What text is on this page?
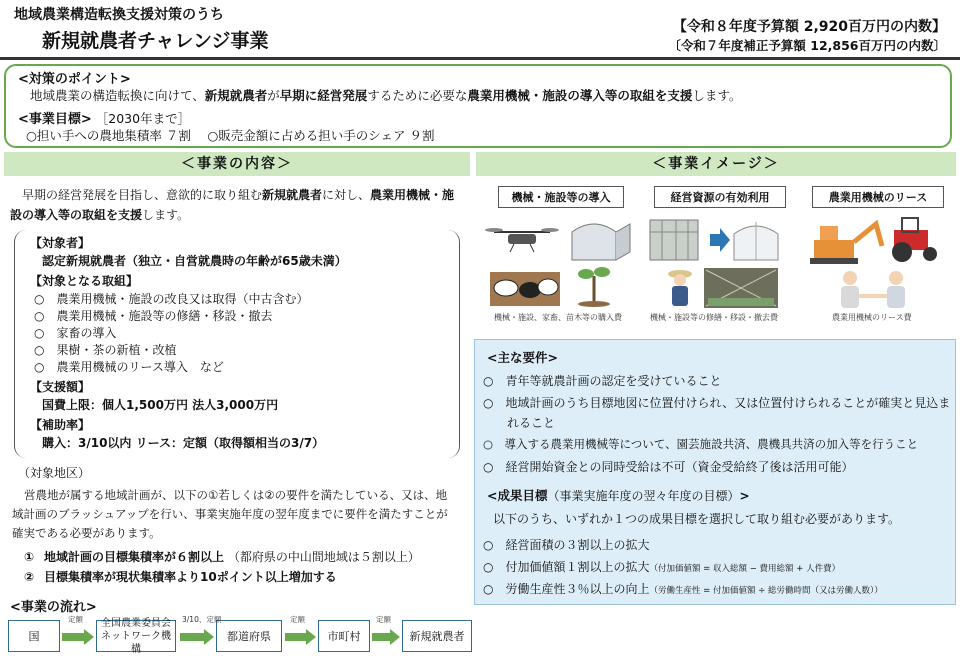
地域農業構造転換支援対策のうち
新規就農者チャレンジ事業
【令和８年度予算額 2,920百万円の内数】
〔令和７年度補正予算額 12,856百万円の内数〕
<対策のポイント>
地域農業の構造転換に向けて、新規就農者が早期に経営発展するために必要な農業用機械・施設の導入等の取組を支援します。
<事業目標> ［2030年まで］
○担い手への農地集積率 ７割　 ○販売金額に占める担い手のシェア ９割
＜事業の内容＞	＜事業イメージ＞
早期の経営発展を目指し、意欲的に取り組む新規就農者に対し、農業用機械・施
設の導入等の取組を支援します。
【対象者】
認定新規就農者（独立・自営就農時の年齢が65歳未満）
【対象となる取組】
○　農業用機械・施設の改良又は取得（中古含む）
○　農業用機械・施設等の修繕・移設・撤去
○　家畜の導入
○　果樹・茶の新植・改植
○　農業用機械のリース導入　など
【支援額】
国費上限：個人1,500万円 法人3,000万円
【補助率】
購入：3/10以内 リース：定額（取得額相当の3/7）
（対象地区）
営農地が属する地域計画が、以下の①若しくは②の要件を満たしている、又は、地
域計画のブラッシュアップを行い、事業実施年度の翌年度までに要件を満たすことが
確実である必要があります。
① 地域計画の目標集積率が６割以上 （都府県の中山間地域は５割以上）
② 目標集積率が現状集積率より10ポイント以上増加する
機械・施設等の導入	経営資源の有効利用	農業用機械のリース
機械・施設、家畜、苗木等の購入費	機械・施設等の修繕・移設・撤去費	農業用機械のリース費
<主な要件>
○　青年等就農計画の認定を受けていること
○　地域計画のうち目標地図に位置付けられ、又は位置付けられることが確実と見込ま
　　れること
○　導入する農業用機械等について、園芸施設共済、農機具共済の加入等を行うこと
○　経営開始資金との同時受給は不可（資金受給終了後は活用可能）
<成果目標（事業実施年度の翌々年度の目標）>
以下のうち、いずれか１つの成果目標を選択して取り組む必要があります。
○　経営面積の３割以上の拡大
○　付加価値額１割以上の拡大（付加価値額 = 収入総額 − 費用総額 + 人件費）
○　労働生産性３％以上の向上（労働生産性 = 付加価値額 ÷ 総労働時間（又は労働人数））
<事業の流れ>
国
全国農業委員会ネットワーク機構
都道府県	市町村	新規就農者
定額	3/10、定額	定額	定額
